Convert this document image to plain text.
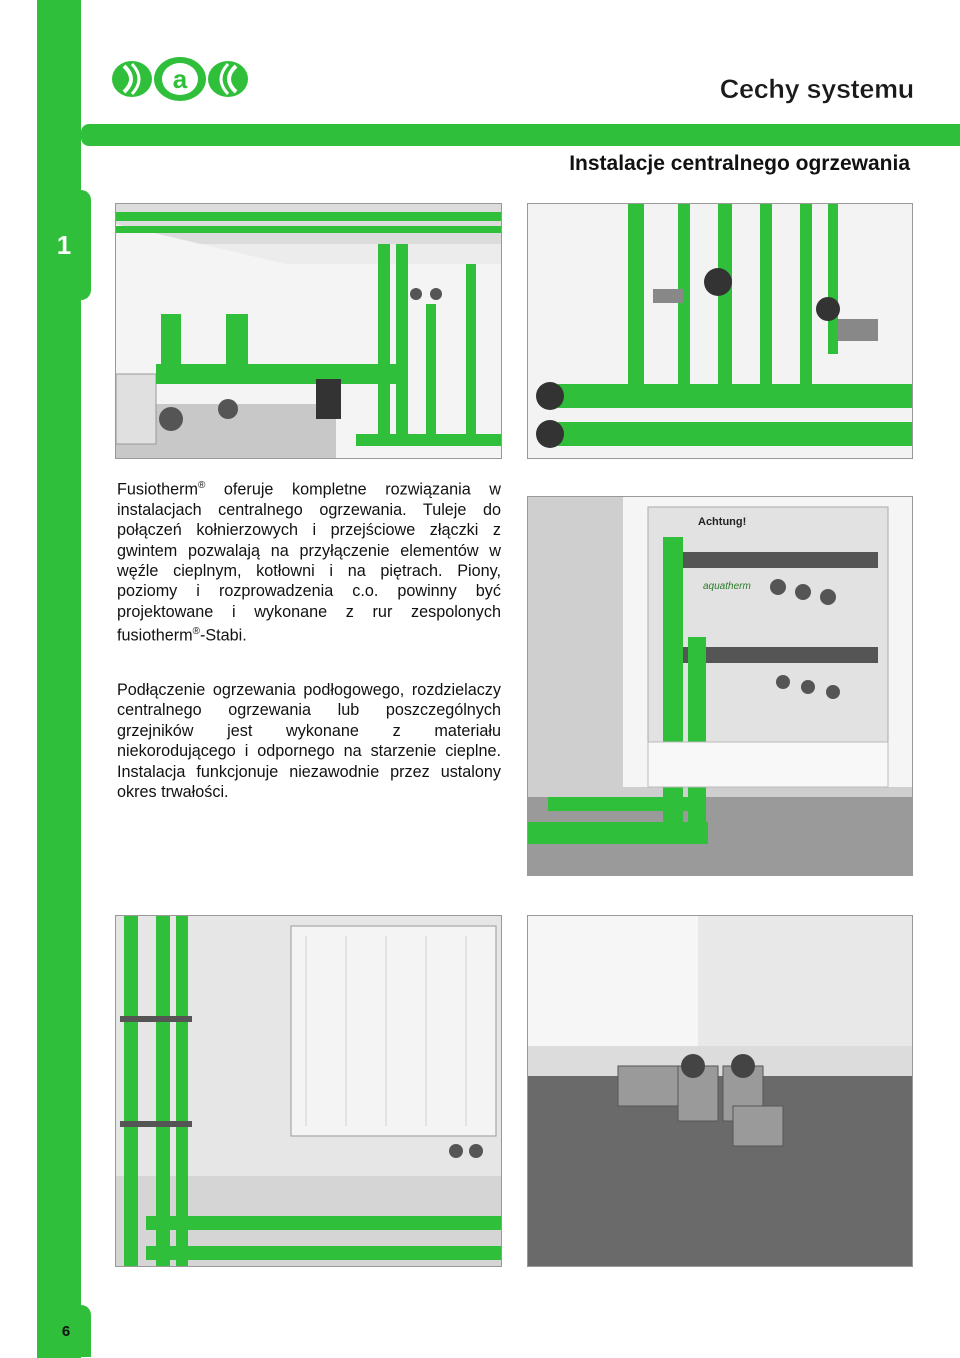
1
a	Cechy systemu
Instalacje centralnego ogrzewania
Fusiotherm® oferuje kompletne rozwiązania w instalacjach centralnego ogrzewania. Tuleje do połączeń kołnierzowych i przejściowe złączki z gwintem pozwalają na przyłączenie elementów w węźle cieplnym, kotłowni i na piętrach. Piony, poziomy i rozprowadzenia c.o. powinny być projektowane i wykonane z rur zespolonych fusiotherm®-Stabi.
Achtung!
aquatherm
Podłączenie ogrzewania podłogowego, rozdzielaczy centralnego ogrzewania lub poszczególnych grzejników jest wykonane z materiału niekorodującego i odpornego na starzenie cieplne. Instalacja funkcjonuje niezawodnie przez ustalony okres trwałości.
6
